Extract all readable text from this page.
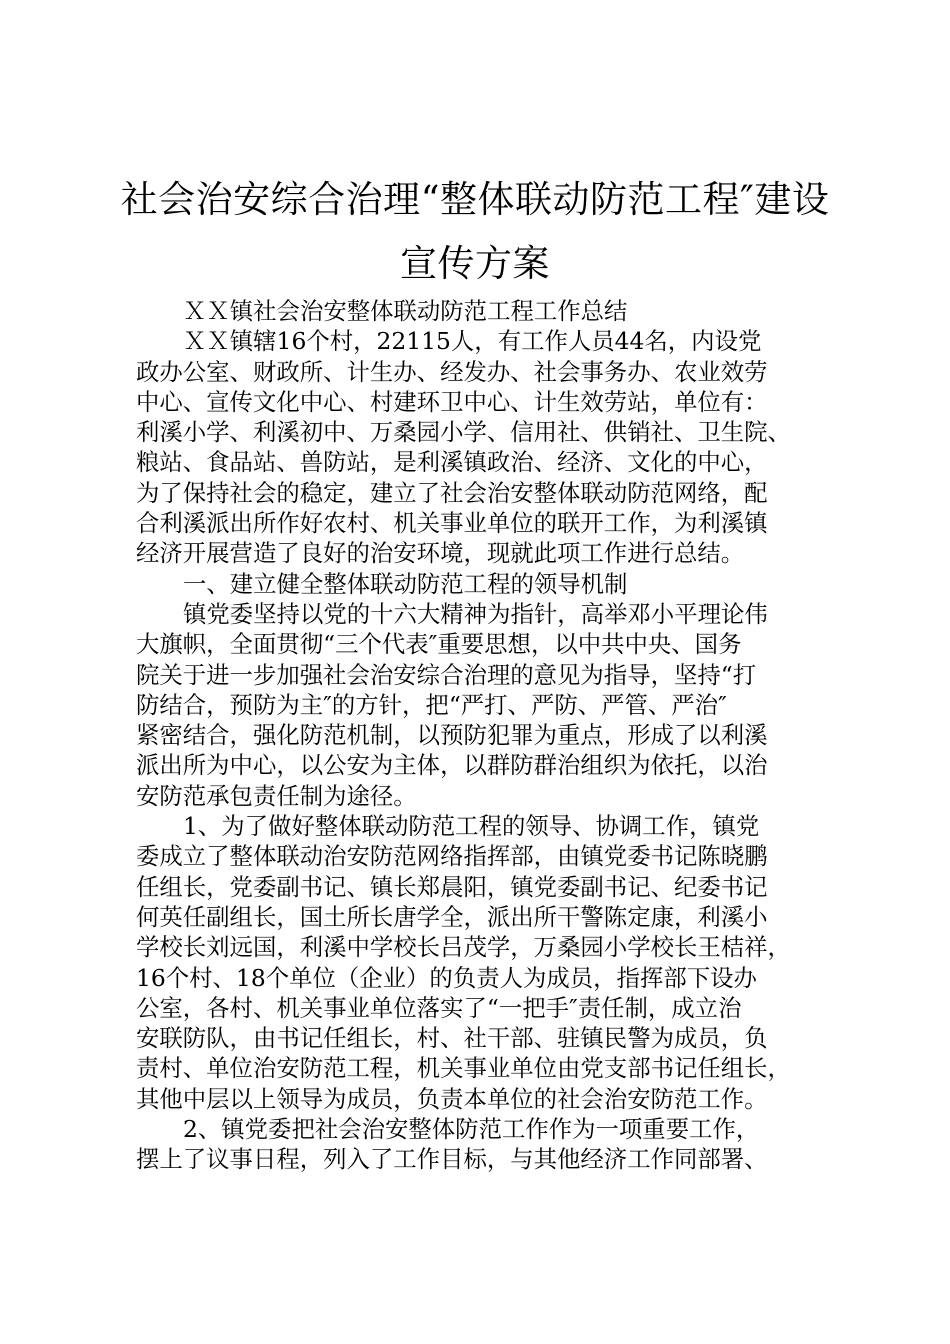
社会治安综合治理“整体联动防范工程″建设
宣传方案
ＸＸ镇社会治安整体联动防范工程工作总结
ＸＸ镇辖16个村，22115人，有工作人员44名，内设党
政办公室、财政所、计生办、经发办、社会事务办、农业效劳
中心、宣传文化中心、村建环卫中心、计生效劳站，单位有：
利溪小学、利溪初中、万桑园小学、信用社、供销社、卫生院、
粮站、食品站、兽防站，是利溪镇政治、经济、文化的中心，
为了保持社会的稳定，建立了社会治安整体联动防范网络，配
合利溪派出所作好农村、机关事业单位的联开工作，为利溪镇
经济开展营造了良好的治安环境，现就此项工作进行总结。
一、建立健全整体联动防范工程的领导机制
镇党委坚持以党的十六大精神为指针，高举邓小平理论伟
大旗帜，全面贯彻“三个代表″重要思想，以中共中央、国务
院关于进一步加强社会治安综合治理的意见为指导，坚持“打
防结合，预防为主″的方针，把“严打、严防、严管、严治″
紧密结合，强化防范机制，以预防犯罪为重点，形成了以利溪
派出所为中心，以公安为主体，以群防群治组织为依托，以治
安防范承包责任制为途径。
1、为了做好整体联动防范工程的领导、协调工作，镇党
委成立了整体联动治安防范网络指挥部，由镇党委书记陈晓鹏
任组长，党委副书记、镇长郑晨阳，镇党委副书记、纪委书记
何英任副组长，国土所长唐学全，派出所干警陈定康，利溪小
学校长刘远国，利溪中学校长吕茂学，万桑园小学校长王桔祥，
16个村、18个单位（企业）的负责人为成员，指挥部下设办
公室，各村、机关事业单位落实了“一把手″责任制，成立治
安联防队，由书记任组长，村、社干部、驻镇民警为成员，负
责村、单位治安防范工程，机关事业单位由党支部书记任组长，
其他中层以上领导为成员，负责本单位的社会治安防范工作。
2、镇党委把社会治安整体防范工作作为一项重要工作，
摆上了议事日程，列入了工作目标，与其他经济工作同部署、
